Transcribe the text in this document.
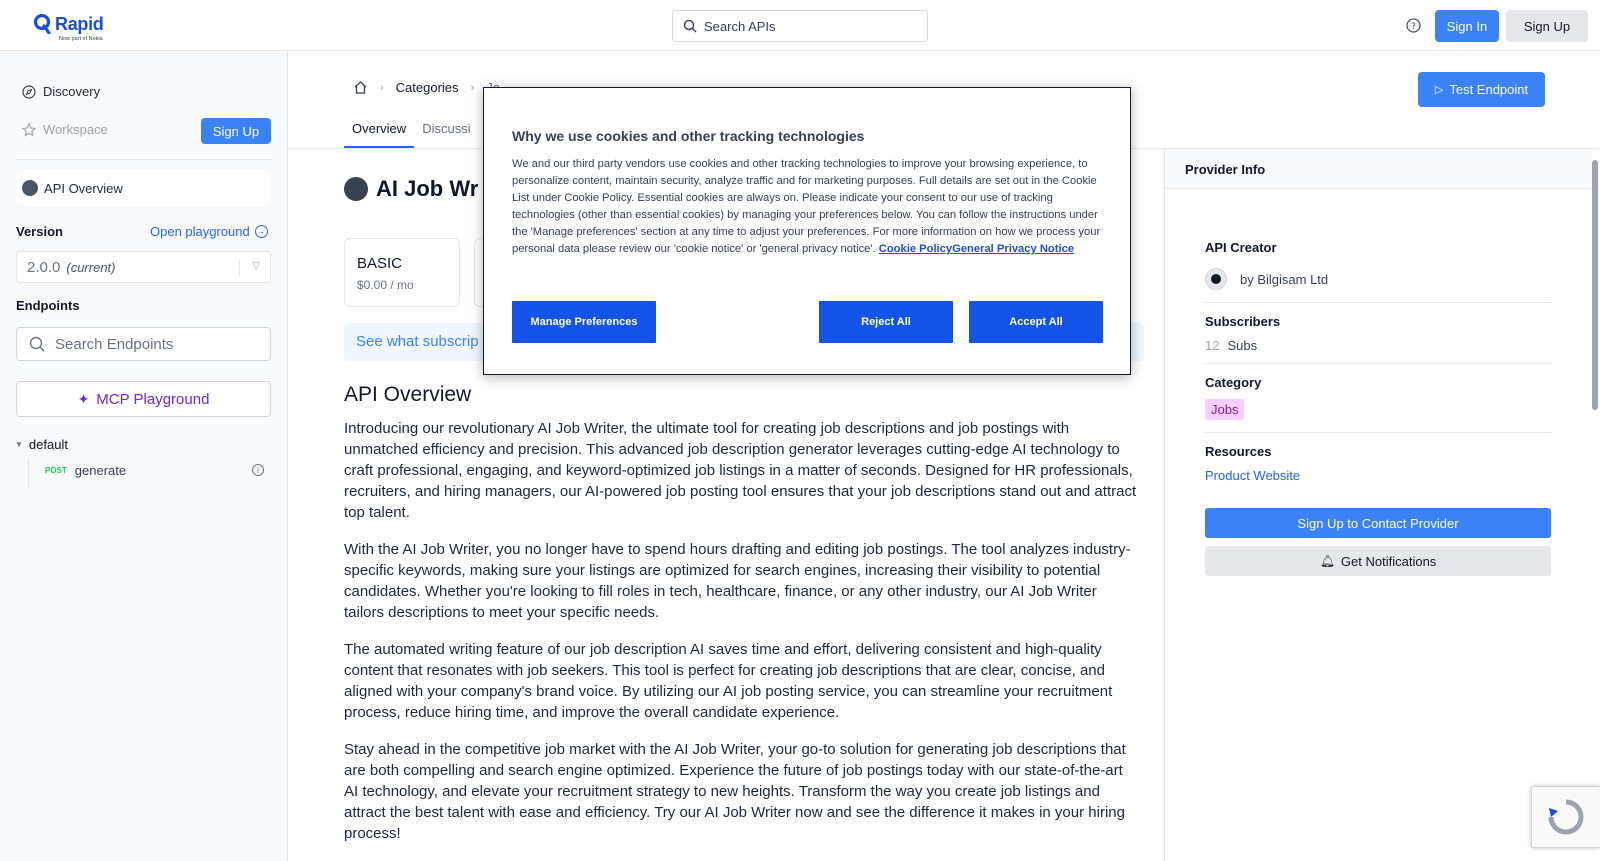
Rapid
Now part of Nokia
Search APIs	?	Sign In	Sign Up
Discovery
Workspace	Sign Up
API Overview
Version	Open playground →
2.0.0 (current)	▽
Endpoints
Search Endpoints
✦ MCP Playground
▼ default
POST generate	i
› Categories ›
Overview	Discussi
▷ Test Endpoint
AI Job Wr
BASIC
$0.00 / mo
See what subscrip
API Overview

Introducing our revolutionary AI Job Writer, the ultimate tool for creating job descriptions and job postings with unmatched efficiency and precision. This advanced job description generator leverages cutting-edge AI technology to craft professional, engaging, and keyword-optimized job listings in a matter of seconds. Designed for HR professionals, recruiters, and hiring managers, our AI-powered job posting tool ensures that your job descriptions stand out and attract top talent.

With the AI Job Writer, you no longer have to spend hours drafting and editing job postings. The tool analyzes industry-specific keywords, making sure your listings are optimized for search engines, increasing their visibility to potential candidates. Whether you're looking to fill roles in tech, healthcare, finance, or any other industry, our AI Job Writer tailors descriptions to meet your specific needs.

The automated writing feature of our job description AI saves time and effort, delivering consistent and high-quality content that resonates with job seekers. This tool is perfect for creating job descriptions that are clear, concise, and aligned with your company's brand voice. By utilizing our AI job posting service, you can streamline your recruitment process, reduce hiring time, and improve the overall candidate experience.

Stay ahead in the competitive job market with the AI Job Writer, your go-to solution for generating job descriptions that are both compelling and search engine optimized. Experience the future of job postings today with our state-of-the-art AI technology, and elevate your recruitment strategy to new heights. Transform the way you create job listings and attract the best talent with ease and efficiency. Try our AI Job Writer now and see the difference it makes in your hiring process!

Provider Info
API Creator
by Bilgisam Ltd
Subscribers
12 Subs
Category
Jobs
Resources
Product Website
Sign Up to Contact Provider
🔔︎ Get Notifications
Why we use cookies and other tracking technologies
We and our third party vendors use cookies and other tracking technologies to improve your browsing experience, to personalize content, maintain security, analyze traffic and for marketing purposes. Full details are set out in the Cookie List under Cookie Policy. Essential cookies are always on. Please indicate your consent to our use of tracking technologies (other than essential cookies) by managing your preferences below. You can follow the instructions under the 'Manage preferences' section at any time to adjust your preferences. For more information on how we process your personal data please review our 'cookie notice' or 'general privacy notice'. Cookie PolicyGeneral Privacy Notice
Manage Preferences	Reject All	Accept All
